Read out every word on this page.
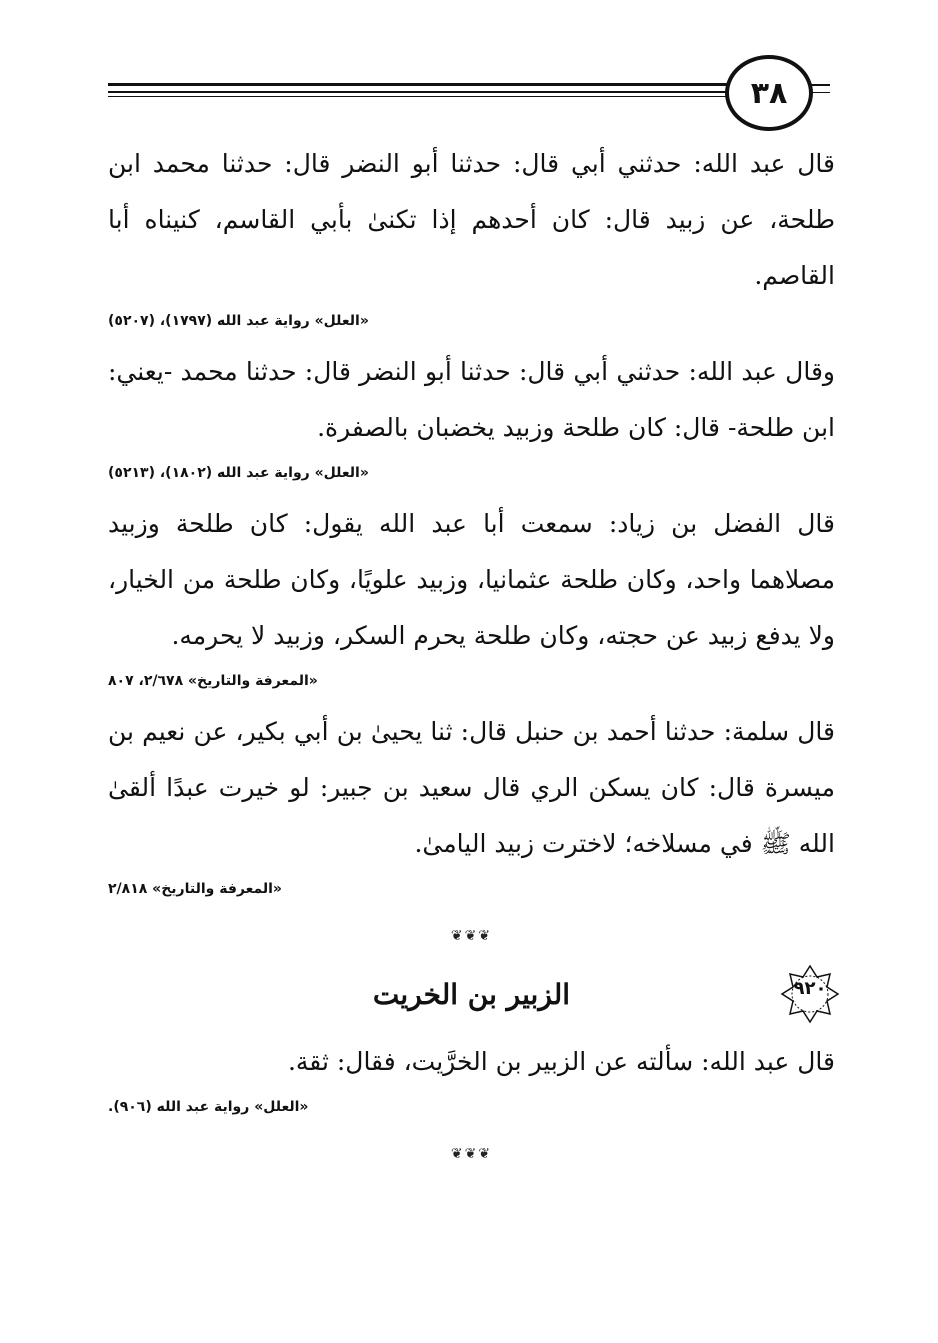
٣٨

قال عبد الله: حدثني أبي قال: حدثنا أبو النضر قال: حدثنا محمد ابن طلحة، عن زبيد قال: كان أحدهم إذا تكنىٰ بأبي القاسم، كنيناه أبا القاصم.

«العلل» رواية عبد الله (١٧٩٧)، (٥٢٠٧)

وقال عبد الله: حدثني أبي قال: حدثنا أبو النضر قال: حدثنا محمد -يعني: ابن طلحة- قال: كان طلحة وزبيد يخضبان بالصفرة.

«العلل» رواية عبد الله (١٨٠٢)، (٥٢١٣)

قال الفضل بن زياد: سمعت أبا عبد الله يقول: كان طلحة وزبيد مصلاهما واحد، وكان طلحة عثمانيا، وزبيد علويًا، وكان طلحة من الخيار، ولا يدفع زبيد عن حجته، وكان طلحة يحرم السكر، وزبيد لا يحرمه.

«المعرفة والتاريخ» ٢/٦٧٨، ٨٠٧

قال سلمة: حدثنا أحمد بن حنبل قال: ثنا يحيىٰ بن أبي بكير، عن نعيم بن ميسرة قال: كان يسكن الري قال سعيد بن جبير: لو خيرت عبدًا ألقىٰ الله ﷺ في مسلاخه؛ لاخترت زبيد اليامىٰ.

«المعرفة والتاريخ» ٢/٨١٨
❦❦❦
٩٢٠
الزبير بن الخريت

قال عبد الله: سألته عن الزبير بن الخرَّيت، فقال: ثقة.

«العلل» رواية عبد الله (٩٠٦).
❦❦❦
